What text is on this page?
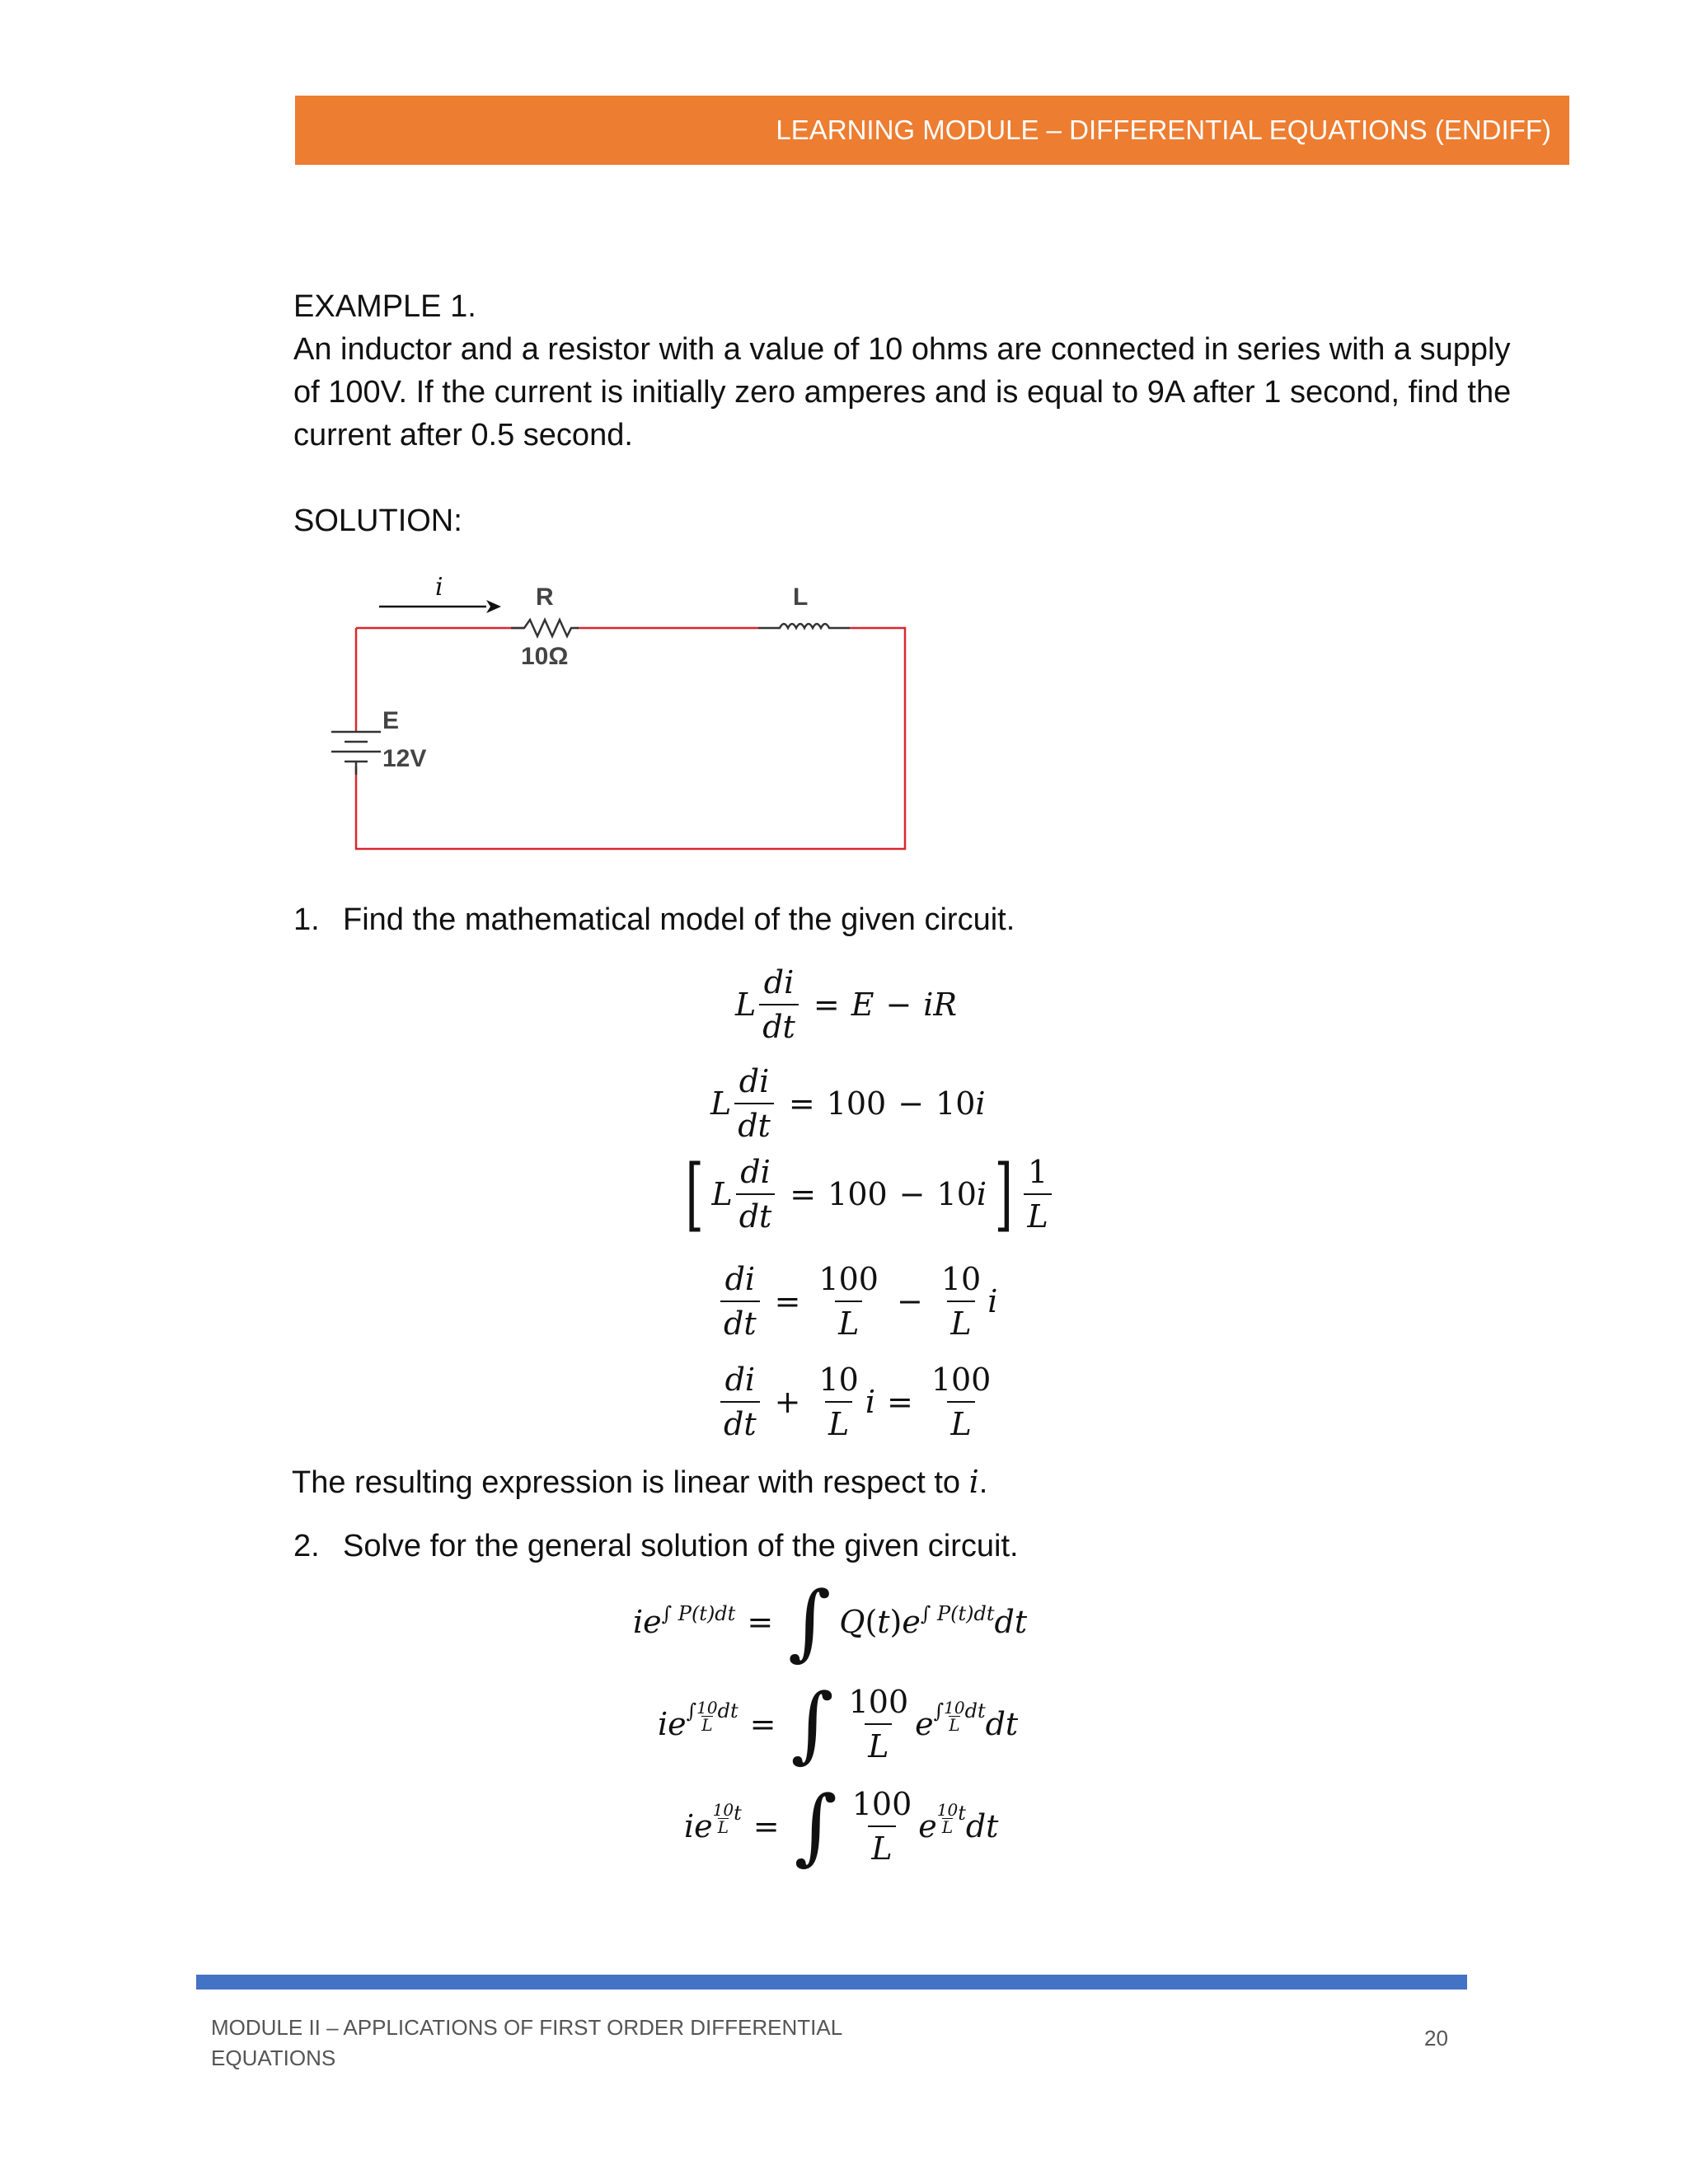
LEARNING MODULE – DIFFERENTIAL EQUATIONS (ENDIFF)
EXAMPLE 1.
An inductor and a resistor with a value of 10 ohms are connected in series with a supply
of 100V. If the current is initially zero amperes and is equal to 9A after 1 second, find the
current after 0.5 second.
SOLUTION:
i	R
10Ω
L
E
12V
1. Find the mathematical model of the given circuit.
L $\frac{di}{dt} = E$ − iR
L $\frac{di}{dt} = 100 - 10$ i
[ L $\frac{di}{dt} = 100 - 10$ i ] $\frac{1}{L}$
$\frac{di}{dt} = \frac{100}{L} - \frac{10}{L}$ i
$\frac{di}{dt} + \frac{10}{L}$ $i = \frac{100}{L}$
The resulting expression is linear with respect to i.
2. Solve for the general solution of the given circuit.
$ie^{\int P(t)dt}$ = ∫ Q ( t ) $e^{\int P(t)dt}$ dt
$ie^{\int \frac{10}{L}dt}$ = ∫ $\frac{100}{L} e^{\int \frac{10}{L}dt}$ dt
ie $^{\frac{10}{L}t}$ = ∫ $\frac{100}{L}$ e $^{\frac{10}{L}t}$ dt
MODULE II – APPLICATIONS OF FIRST ORDER DIFFERENTIAL
EQUATIONS
20
